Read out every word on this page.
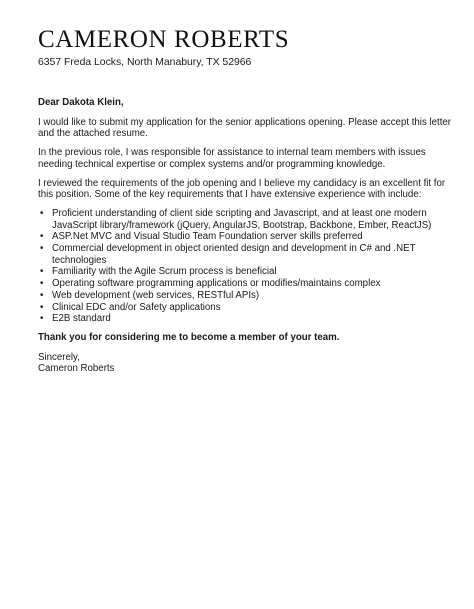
CAMERON ROBERTS
6357 Freda Locks, North Manabury, TX 52966

Dear Dakota Klein,

I would like to submit my application for the senior applications opening. Please accept this letter and the attached resume.

In the previous role, I was responsible for assistance to internal team members with issues needing technical expertise or complex systems and/or programming knowledge.

I reviewed the requirements of the job opening and I believe my candidacy is an excellent fit for this position. Some of the key requirements that I have extensive experience with include:

• Proficient understanding of client side scripting and Javascript, and at least one modern JavaScript library/framework (jQuery, AngularJS, Bootstrap, Backbone, Ember, ReactJS)
• ASP.Net MVC and Visual Studio Team Foundation server skills preferred
• Commercial development in object oriented design and development in C# and .NET technologies
• Familiarity with the Agile Scrum process is beneficial
• Operating software programming applications or modifies/maintains complex
• Web development (web services, RESTful APIs)
• Clinical EDC and/or Safety applications
• E2B standard

Thank you for considering me to become a member of your team.

Sincerely,

Cameron Roberts
